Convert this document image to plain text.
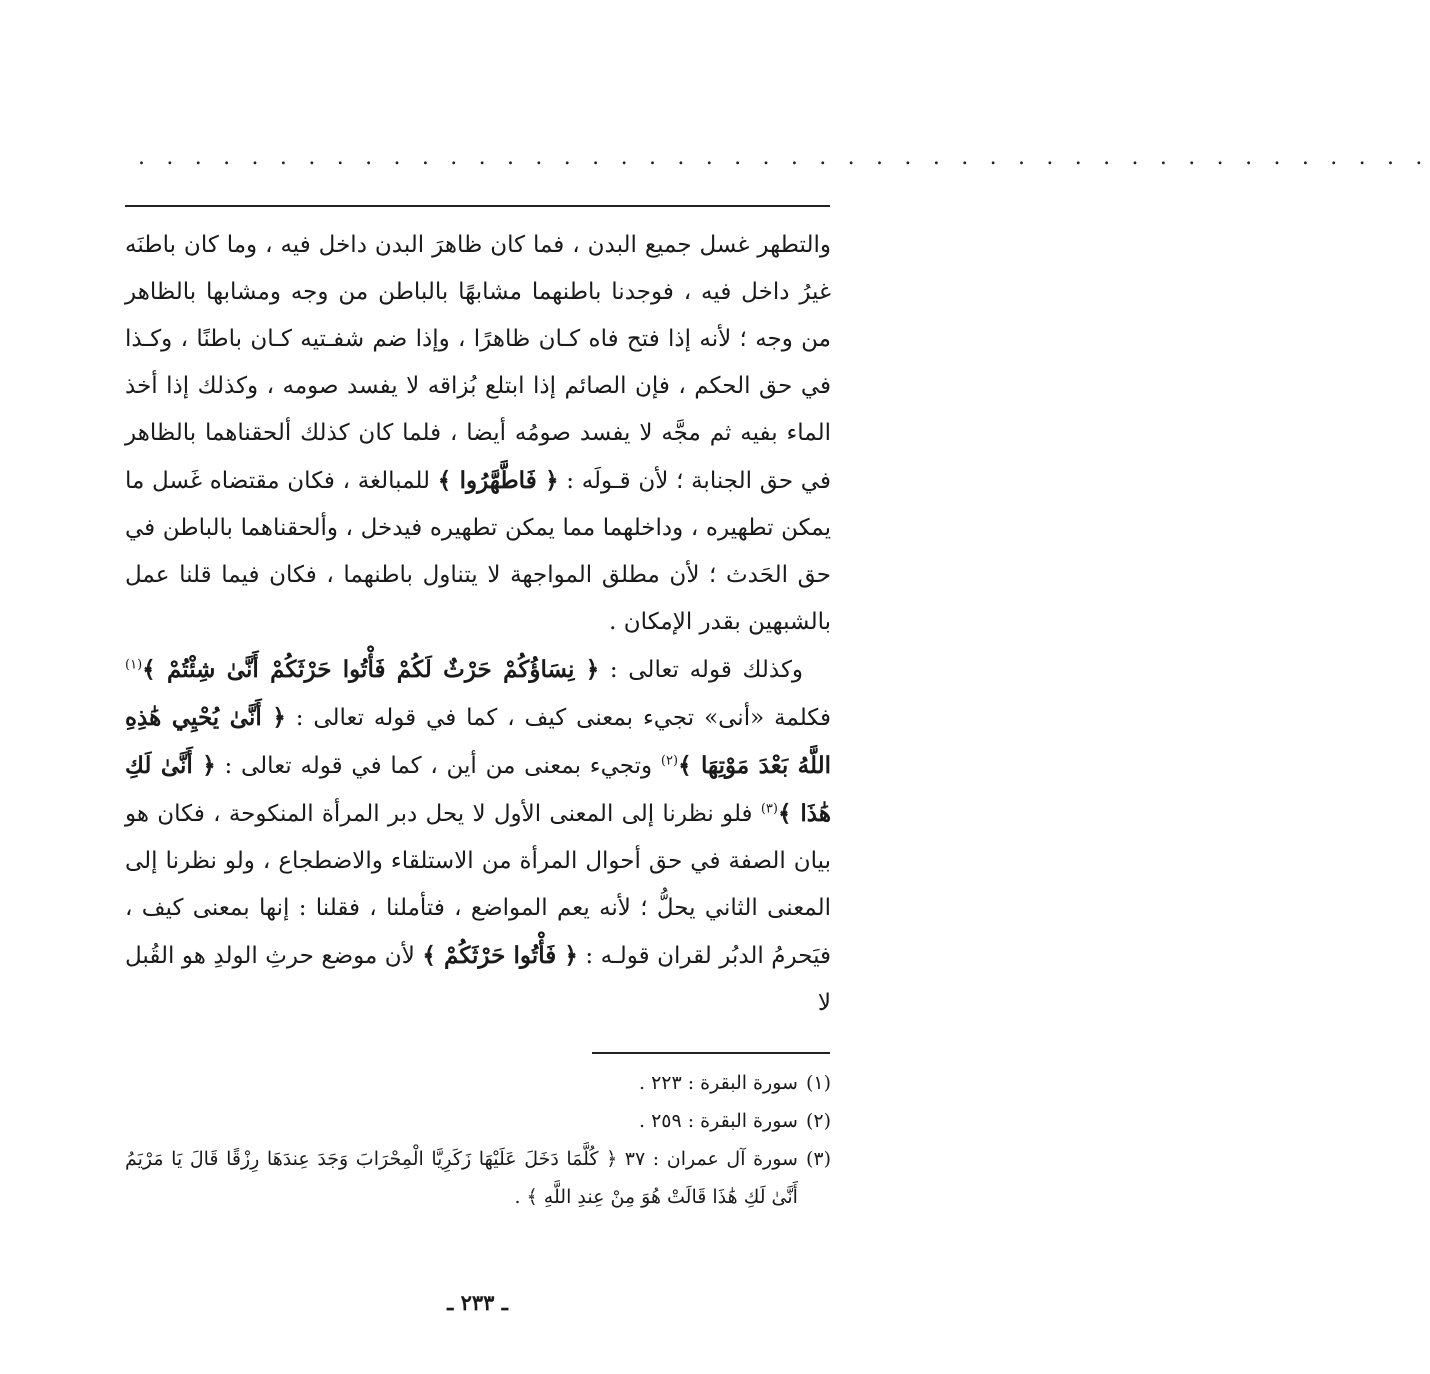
. . . . . . . . . . . . . . . . . . . . . . . . . . . . . . . . . . . . . . . . . . . . . .

والتطهر غسل جميع البدن ، فما كان ظاهرَ البدن داخل فيه ، وما كان باطنَه غيرُ داخل فيه ، فوجدنا باطنهما مشابهًا بالباطن من وجه ومشابها بالظاهر من وجه ؛ لأنه إذا فتح فاه كـان ظاهرًا ، وإذا ضم شفـتيه كـان باطنًا ، وكـذا في حق الحكم ، فإن الصائم إذا ابتلع بُزاقه لا يفسد صومه ، وكذلك إذا أخذ الماء بفيه ثم مجَّه لا يفسد صومُه أيضا ، فلما كان كذلك ألحقناهما بالظاهر في حق الجنابة ؛ لأن قـولَه : ﴿ فَاطَّهَّرُوا ﴾ للمبالغة ، فكان مقتضاه غَسل ما يمكن تطهيره ، وداخلهما مما يمكن تطهيره فيدخل ، وألحقناهما بالباطن في حق الحَدث ؛ لأن مطلق المواجهة لا يتناول باطنهما ، فكان فيما قلنا عمل بالشبهين بقدر الإمكان .

وكذلك قوله تعالى : ﴿ نِسَاؤُكُمْ حَرْثٌ لَكُمْ فَأْتُوا حَرْثَكُمْ أَنَّىٰ شِئْتُمْ ﴾$^{(١)}$ فكلمة «أنى» تجيء بمعنى كيف ، كما في قوله تعالى : ﴿ أَنَّىٰ يُحْيِي هَٰذِهِ اللَّهُ بَعْدَ مَوْتِهَا ﴾$^{(٢)}$ وتجيء بمعنى من أين ، كما في قوله تعالى : ﴿ أَنَّىٰ لَكِ هَٰذَا ﴾$^{(٣)}$ فلو نظرنا إلى المعنى الأول لا يحل دبر المرأة المنكوحة ، فكان هو بيان الصفة في حق أحوال المرأة من الاستلقاء والاضطجاع ، ولو نظرنا إلى المعنى الثاني يحلُّ ؛ لأنه يعم المواضع ، فتأملنا ، فقلنا : إنها بمعنى كيف ، فيَحرمُ الدبُر لقران قولـه : ﴿ فَأْتُوا حَرْثَكُمْ ﴾ لأن موضع حرثِ الولدِ هو القُبل لا

(١)
سورة البقرة : ٢٢٣ .
(٢)
سورة البقرة : ٢٥٩ .
(٣)
سورة آل عمران : ٣٧ ﴿ كُلَّمَا دَخَلَ عَلَيْهَا زَكَرِيَّا الْمِحْرَابَ وَجَدَ عِندَهَا رِزْقًا قَالَ يَا مَرْيَمُ أَنَّىٰ لَكِ هَٰذَا قَالَتْ هُوَ مِنْ عِندِ اللَّهِ ﴾ .
ـ ٢٣٣ ـ
